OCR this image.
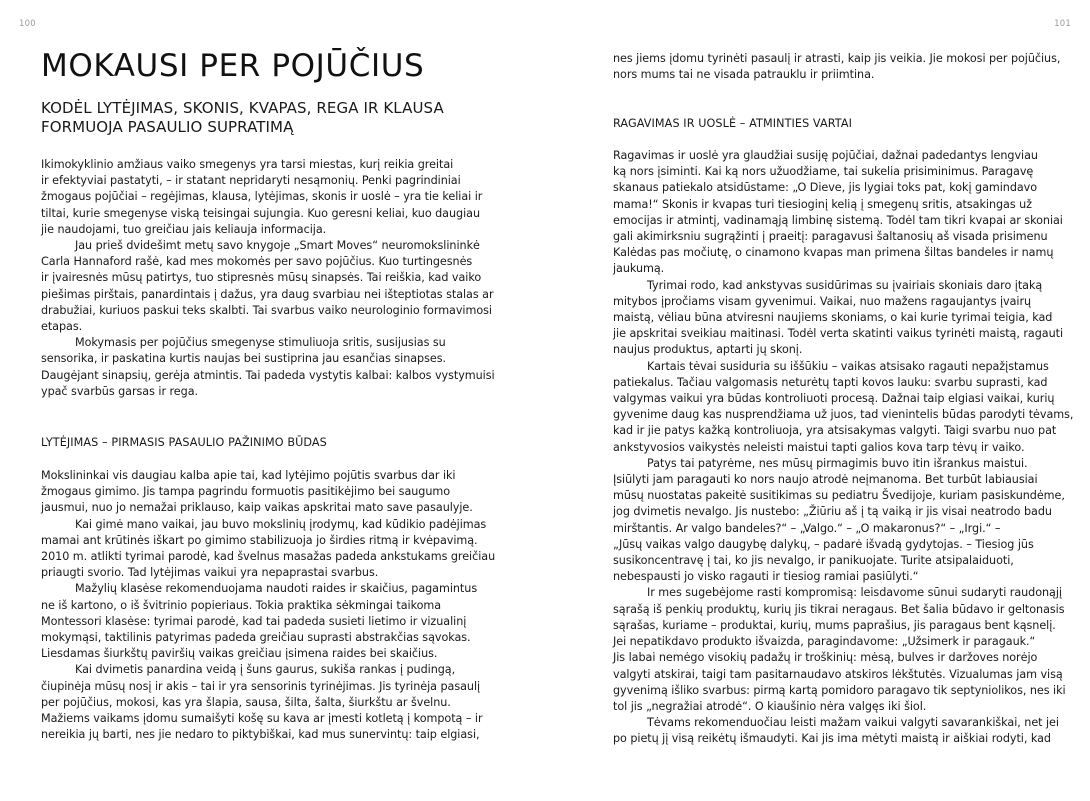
100
MOKAUSI PER POJŪČIUS
KODĖL LYTĖJIMAS, SKONIS, KVAPAS, REGA IR KLAUSA
FORMUOJA PASAULIO SUPRATIMĄ

Ikimokyklinio amžiaus vaiko smegenys yra tarsi miestas, kurį reikia greitai
ir efektyviai pastatyti, – ir statant nepridaryti nesąmonių. Penki pagrindiniai
žmogaus pojūčiai – regėjimas, klausa, lytėjimas, skonis ir uoslė – yra tie keliai ir
tiltai, kurie smegenyse viską teisingai sujungia. Kuo geresni keliai, kuo daugiau
jie naudojami, tuo greičiau jais keliauja informacija.

Jau prieš dvidešimt metų savo knygoje „Smart Moves“ neuromokslininkė
Carla Hannaford rašė, kad mes mokomės per savo pojūčius. Kuo turtingesnės
ir įvairesnės mūsų patirtys, tuo stipresnės mūsų sinapsės. Tai reiškia, kad vaiko
piešimas pirštais, panardintais į dažus, yra daug svarbiau nei išteptiotas stalas ar
drabužiai, kuriuos paskui teks skalbti. Tai svarbus vaiko neurologinio formavimosi
etapas.

Mokymasis per pojūčius smegenyse stimuliuoja sritis, susijusias su
sensorika, ir paskatina kurtis naujas bei sustiprina jau esančias sinapses.
Daugėjant sinapsių, gerėja atmintis. Tai padeda vystytis kalbai: kalbos vystymuisi
ypač svarbūs garsas ir rega.

LYTĖJIMAS – PIRMASIS PASAULIO PAŽINIMO BŪDAS

Mokslininkai vis daugiau kalba apie tai, kad lytėjimo pojūtis svarbus dar iki
žmogaus gimimo. Jis tampa pagrindu formuotis pasitikėjimo bei saugumo
jausmui, nuo jo nemažai priklauso, kaip vaikas apskritai mato save pasaulyje.

Kai gimė mano vaikai, jau buvo mokslinių įrodymų, kad kūdikio padėjimas
mamai ant krūtinės iškart po gimimo stabilizuoja jo širdies ritmą ir kvėpavimą.
2010 m. atlikti tyrimai parodė, kad švelnus masažas padeda ankstukams greičiau
priaugti svorio. Tad lytėjimas vaikui yra nepaprastai svarbus.

Mažylių klasėse rekomenduojama naudoti raides ir skaičius, pagamintus
ne iš kartono, o iš švitrinio popieriaus. Tokia praktika sėkmingai taikoma
Montessori klasėse: tyrimai parodė, kad tai padeda susieti lietimo ir vizualinį
mokymąsi, taktilinis patyrimas padeda greičiau suprasti abstrakčias sąvokas.
Liesdamas šiurkštų paviršių vaikas greičiau įsimena raides bei skaičius.

Kai dvimetis panardina veidą į šuns gaurus, sukiša rankas į pudingą,
čiupinėja mūsų nosį ir akis – tai ir yra sensorinis tyrinėjimas. Jis tyrinėja pasaulį
per pojūčius, mokosi, kas yra šlapia, sausa, šilta, šalta, šiurkštu ar švelnu.
Mažiems vaikams įdomu sumaišyti košę su kava ar įmesti kotletą į kompotą – ir
nereikia jų barti, nes jie nedaro to piktybiškai, kad mus sunervintų: taip elgiasi,

101

nes jiems įdomu tyrinėti pasaulį ir atrasti, kaip jis veikia. Jie mokosi per pojūčius,
nors mums tai ne visada patrauklu ir priimtina.

RAGAVIMAS IR UOSLĖ – ATMINTIES VARTAI

Ragavimas ir uoslė yra glaudžiai susiję pojūčiai, dažnai padedantys lengviau
ką nors įsiminti. Kai ką nors užuodžiame, tai sukelia prisiminimus. Paragavę
skanaus patiekalo atsidūstame: „O Dieve, jis lygiai toks pat, kokį gamindavo
mama!“ Skonis ir kvapas turi tiesioginį kelią į smegenų sritis, atsakingas už
emocijas ir atmintį, vadinamąją limbinę sistemą. Todėl tam tikri kvapai ar skoniai
gali akimirksniu sugrąžinti į praeitį: paragavusi šaltanosių aš visada prisimenu
Kalėdas pas močiutę, o cinamono kvapas man primena šiltas bandeles ir namų
jaukumą.

Tyrimai rodo, kad ankstyvas susidūrimas su įvairiais skoniais daro įtaką
mitybos įpročiams visam gyvenimui. Vaikai, nuo mažens ragaujantys įvairų
maistą, vėliau būna atviresni naujiems skoniams, o kai kurie tyrimai teigia, kad
jie apskritai sveikiau maitinasi. Todėl verta skatinti vaikus tyrinėti maistą, ragauti
naujus produktus, aptarti jų skonį.

Kartais tėvai susiduria su iššūkiu – vaikas atsisako ragauti nepažįstamus
patiekalus. Tačiau valgomasis neturėtų tapti kovos lauku: svarbu suprasti, kad
valgymas vaikui yra būdas kontroliuoti procesą. Dažnai taip elgiasi vaikai, kurių
gyvenime daug kas nusprendžiama už juos, tad vienintelis būdas parodyti tėvams,
kad ir jie patys kažką kontroliuoja, yra atsisakymas valgyti. Taigi svarbu nuo pat
ankstyvosios vaikystės neleisti maistui tapti galios kova tarp tėvų ir vaiko.

Patys tai patyrėme, nes mūsų pirmagimis buvo itin išrankus maistui.
Įsiūlyti jam paragauti ko nors naujo atrodė neįmanoma. Bet turbūt labiausiai
mūsų nuostatas pakeitė susitikimas su pediatru Švedijoje, kuriam pasiskundėme,
jog dvimetis nevalgo. Jis nustebo: „Žiūriu aš į tą vaiką ir jis visai neatrodo badu
mirštantis. Ar valgo bandeles?“ – „Valgo.“ – „O makaronus?“ – „Irgi.“ –
„Jūsų vaikas valgo daugybę dalykų, – padarė išvadą gydytojas. – Tiesiog jūs
susikoncentravę į tai, ko jis nevalgo, ir panikuojate. Turite atsipalaiduoti,
nebespausti jo visko ragauti ir tiesiog ramiai pasiūlyti.“

Ir mes sugebėjome rasti kompromisą: leisdavome sūnui sudaryti raudonąjį
sąrašą iš penkių produktų, kurių jis tikrai neragaus. Bet šalia būdavo ir geltonasis
sąrašas, kuriame – produktai, kurių, mums paprašius, jis paragaus bent kąsnelį.
Jei nepatikdavo produkto išvaizda, paragindavome: „Užsimerk ir paragauk.“
Jis labai nemėgo visokių padažų ir troškinių: mėsą, bulves ir daržoves norėjo
valgyti atskirai, taigi tam pasitarnaudavo atskiros lėkštutės. Vizualumas jam visą
gyvenimą išliko svarbus: pirmą kartą pomidoro paragavo tik septyniolikos, nes iki
tol jis „negražiai atrodė“. O kiaušinio nėra valgęs iki šiol.

Tėvams rekomenduočiau leisti mažam vaikui valgyti savarankiškai, net jei
po pietų jį visą reikėtų išmaudyti. Kai jis ima mėtyti maistą ir aiškiai rodyti, kad
